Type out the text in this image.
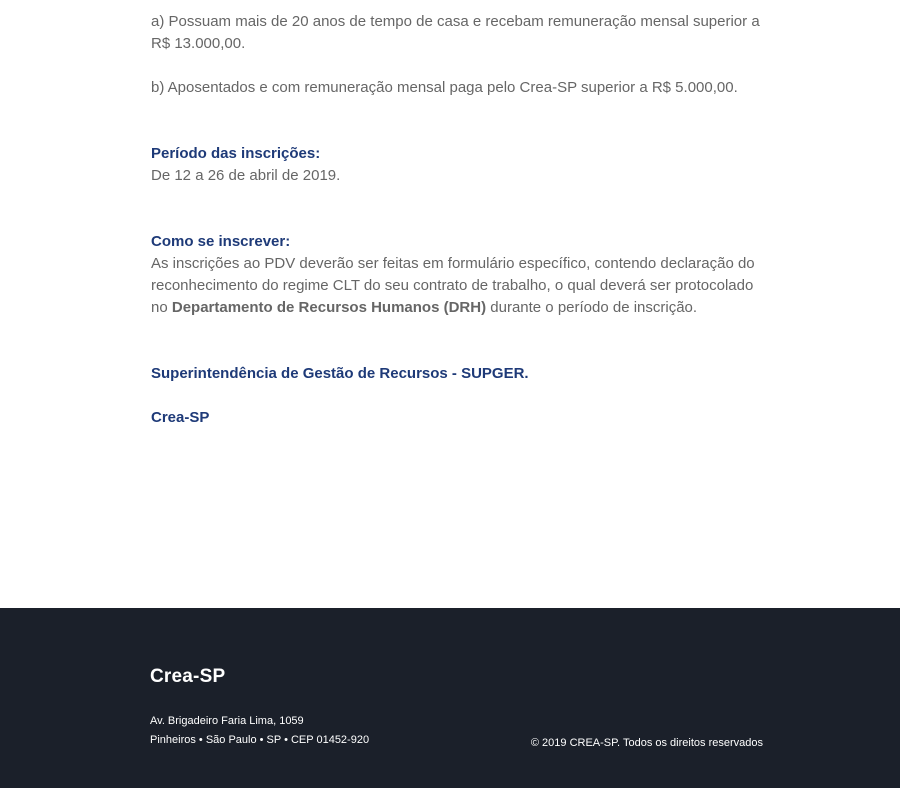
a) Possuam mais de 20 anos de tempo de casa e recebam remuneração mensal superior a R$ 13.000,00.

b) Aposentados e com remuneração mensal paga pelo Crea-SP superior a R$ 5.000,00.

Período das inscrições:

De 12 a 26 de abril de 2019.

Como se inscrever:

As inscrições ao PDV deverão ser feitas em formulário específico, contendo declaração do reconhecimento do regime CLT do seu contrato de trabalho, o qual deverá ser protocolado no Departamento de Recursos Humanos (DRH) durante o período de inscrição.

Superintendência de Gestão de Recursos - SUPGER.

Crea-SP

Crea-SP
Av. Brigadeiro Faria Lima, 1059
Pinheiros • São Paulo • SP • CEP 01452-920	© 2019 CREA-SP. Todos os direitos reservados
